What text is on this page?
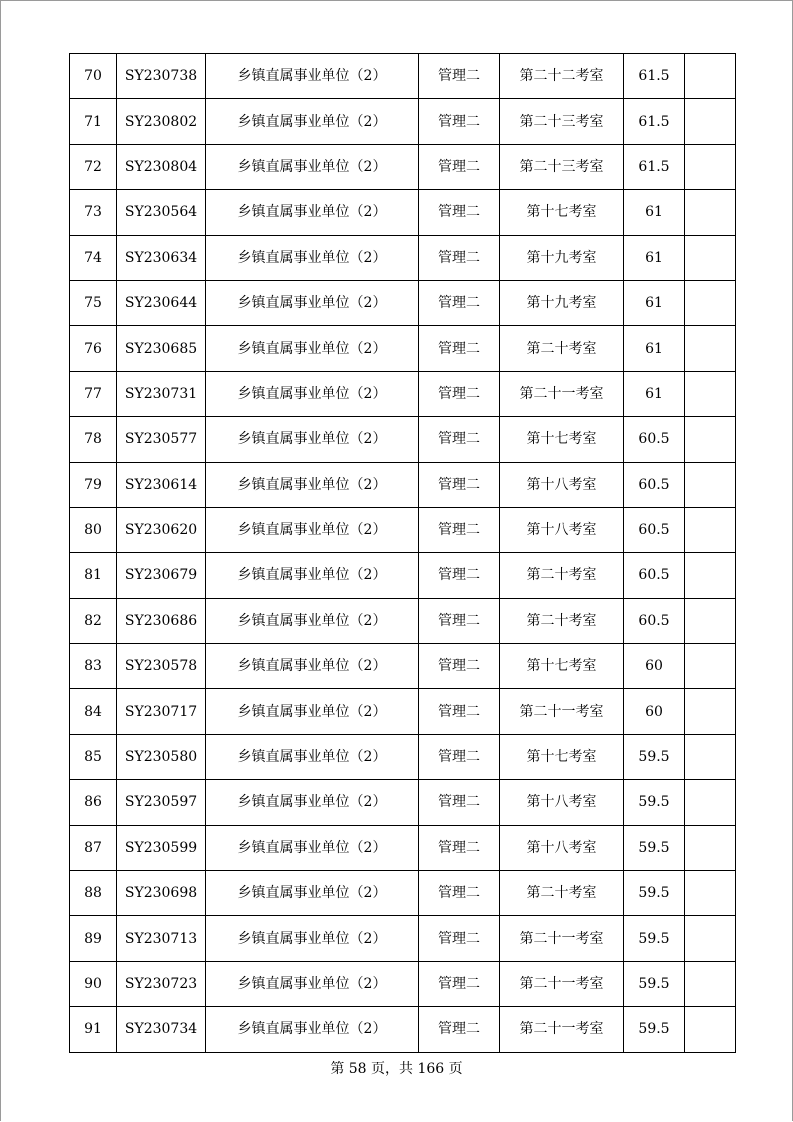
70	SY230738	乡镇直属事业单位（2）	管理二	第二十二考室	61.5	
71	SY230802	乡镇直属事业单位（2）	管理二	第二十三考室	61.5	
72	SY230804	乡镇直属事业单位（2）	管理二	第二十三考室	61.5	
73	SY230564	乡镇直属事业单位（2）	管理二	第十七考室	61	
74	SY230634	乡镇直属事业单位（2）	管理二	第十九考室	61	
75	SY230644	乡镇直属事业单位（2）	管理二	第十九考室	61	
76	SY230685	乡镇直属事业单位（2）	管理二	第二十考室	61	
77	SY230731	乡镇直属事业单位（2）	管理二	第二十一考室	61	
78	SY230577	乡镇直属事业单位（2）	管理二	第十七考室	60.5	
79	SY230614	乡镇直属事业单位（2）	管理二	第十八考室	60.5	
80	SY230620	乡镇直属事业单位（2）	管理二	第十八考室	60.5	
81	SY230679	乡镇直属事业单位（2）	管理二	第二十考室	60.5	
82	SY230686	乡镇直属事业单位（2）	管理二	第二十考室	60.5	
83	SY230578	乡镇直属事业单位（2）	管理二	第十七考室	60	
84	SY230717	乡镇直属事业单位（2）	管理二	第二十一考室	60	
85	SY230580	乡镇直属事业单位（2）	管理二	第十七考室	59.5	
86	SY230597	乡镇直属事业单位（2）	管理二	第十八考室	59.5	
87	SY230599	乡镇直属事业单位（2）	管理二	第十八考室	59.5	
88	SY230698	乡镇直属事业单位（2）	管理二	第二十考室	59.5	
89	SY230713	乡镇直属事业单位（2）	管理二	第二十一考室	59.5	
90	SY230723	乡镇直属事业单位（2）	管理二	第二十一考室	59.5	
91	SY230734	乡镇直属事业单位（2）	管理二	第二十一考室	59.5	
第 58 页，共 166 页
